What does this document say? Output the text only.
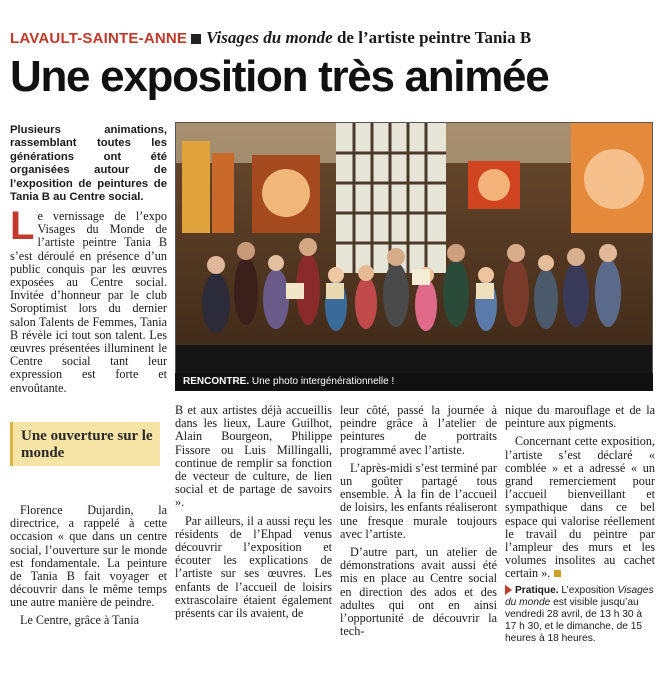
LAVAULT-SAINTE-ANNE Visages du monde de l’artiste peintre Tania B
Une exposition très animée
Plusieurs animations, rassemblant toutes les générations ont été organisées autour de l’exposition de peintures de Tania B au Centre social.
Le vernissage de l’expo Visages du Monde de l’artiste peintre Tania B s’est déroulé en présence d’un public conquis par les œuvres exposées au Centre social. Invitée d’honneur par le club Soroptimist lors du dernier salon Talents de Femmes, Tania B révèle ici tout son talent. Les œuvres présentées illuminent le Centre social tant leur expression est forte et envoûtante.
Une ouverture sur le monde

Florence Dujardin, la directrice, a rappelé à cette occasion « que dans un centre social, l’ouverture sur le monde est fondamentale. La peinture de Tania B fait voyager et découvrir dans le même temps une autre manière de peindre.

Le Centre, grâce à Tania

RENCONTRE. Une photo intergénérationnelle !

B et aux artistes déjà accueillis dans les lieux, Laure Guilhot, Alain Bourgeon, Philippe Fissore ou Luis Millingalli, continue de remplir sa fonction de vecteur de culture, de lien social et de partage de savoirs ».

Par ailleurs, il a aussi reçu les résidents de l’Ehpad venus découvrir l’exposition et écouter les explications de l’artiste sur ses œuvres. Les enfants de l’accueil de loisirs extrascolaire étaient également présents car ils avaient, de

leur côté, passé la journée à peindre grâce à l’atelier de peintures de portraits programmé avec l’artiste.

L’après-midi s’est terminé par un goûter partagé tous ensemble. À la fin de l’accueil de loisirs, les enfants réaliseront une fresque murale toujours avec l’artiste.

D’autre part, un atelier de démonstrations avait aussi été mis en place au Centre social en direction des ados et des adultes qui ont en ainsi l’opportunité de découvrir la tech-

nique du marouflage et de la peinture aux pigments.

Concernant cette exposition, l’artiste s’est déclaré « comblée » et a adressé « un grand remerciement pour l’accueil bienveillant et sympathique dans ce bel espace qui valorise réellement le travail du peintre par l’ampleur des murs et les volumes insolites au cachet certain ».

Pratique. L’exposition Visages du monde est visible jusqu’au vendredi 28 avril, de 13 h 30 à 17 h 30, et le dimanche, de 15 heures à 18 heures.
